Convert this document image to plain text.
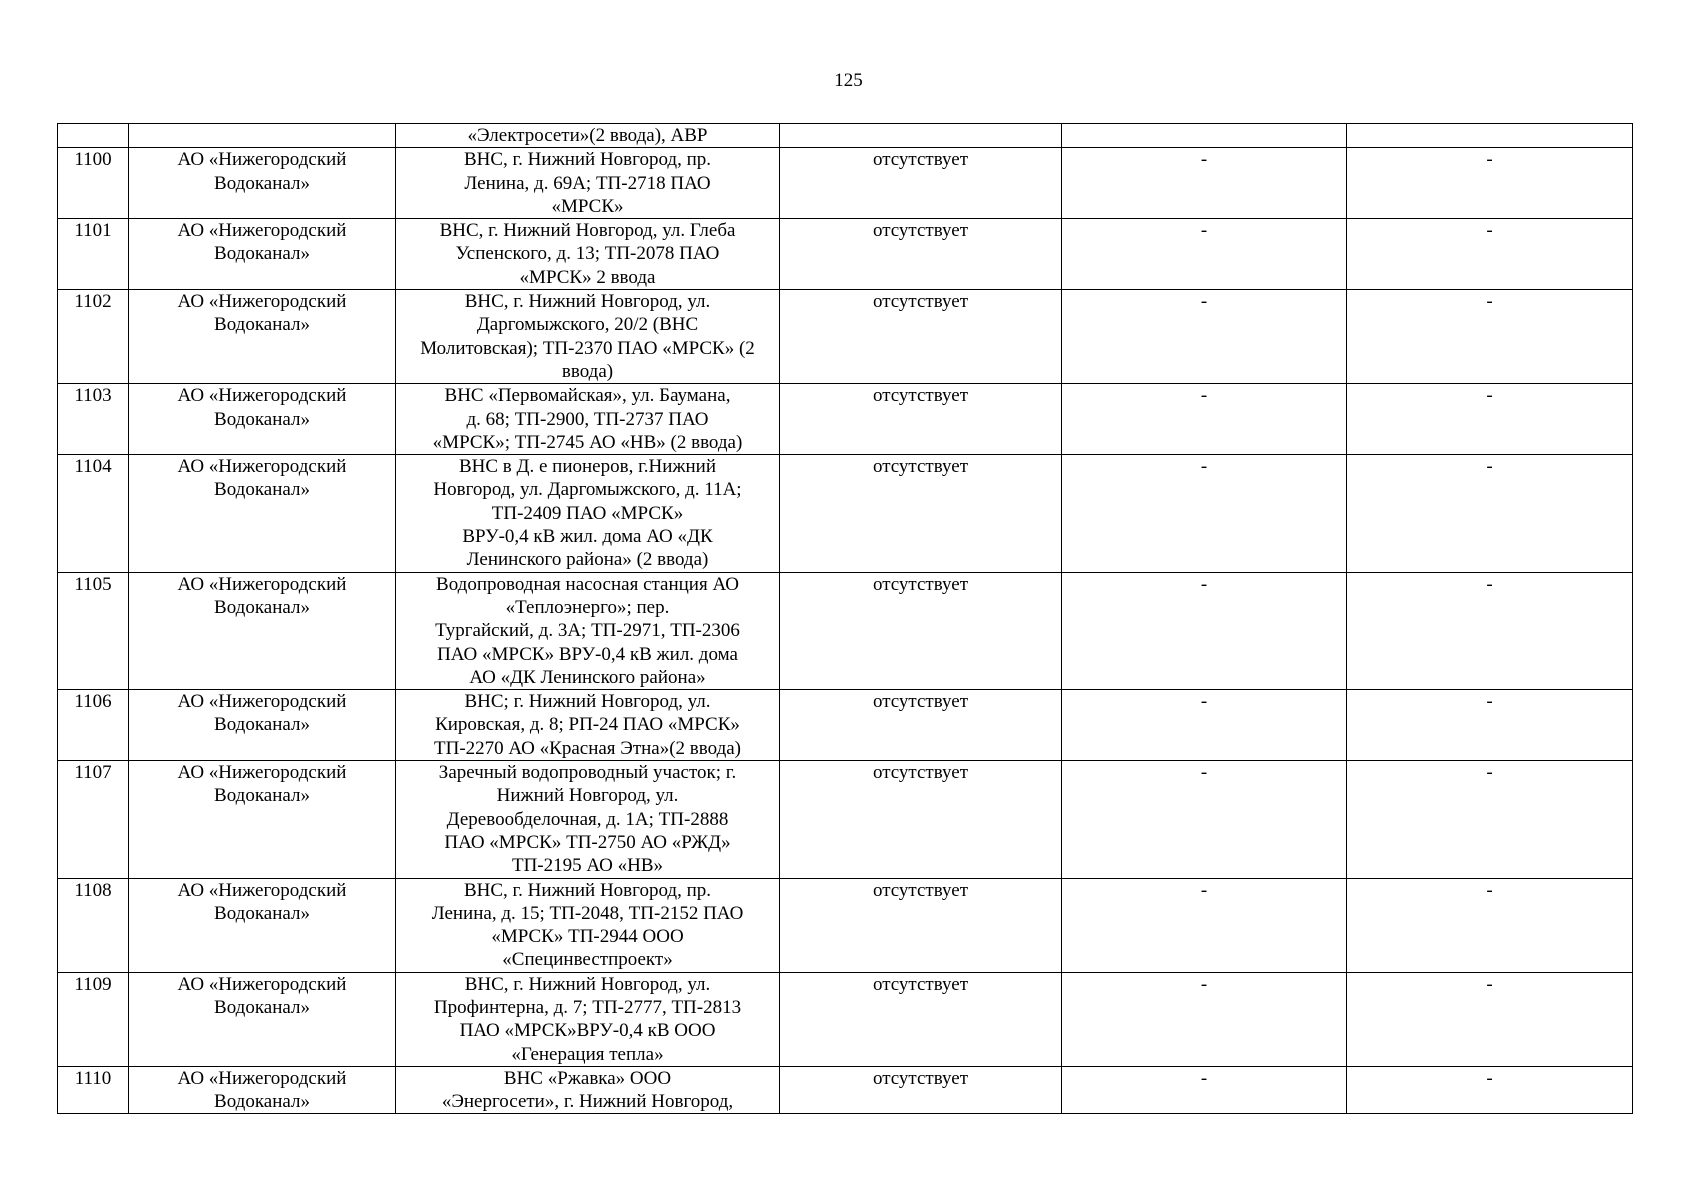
125
		«Электросети»(2 ввода), АВР			
1100	АО «Нижегородский
Водоканал»	ВНС, г. Нижний Новгород, пр.
Ленина, д. 69А; ТП-2718 ПАО
«МРСК»	отсутствует	-	-
1101	АО «Нижегородский
Водоканал»	ВНС, г. Нижний Новгород, ул. Глеба
Успенского, д. 13; ТП-2078 ПАО
«МРСК» 2 ввода	отсутствует	-	-
1102	АО «Нижегородский
Водоканал»	ВНС, г. Нижний Новгород, ул.
Даргомыжского, 20/2 (ВНС
Молитовская); ТП-2370 ПАО «МРСК» (2
ввода)	отсутствует	-	-
1103	АО «Нижегородский
Водоканал»	ВНС «Первомайская», ул. Баумана,
д. 68; ТП-2900, ТП-2737 ПАО
«МРСК»; ТП-2745 АО «НВ» (2 ввода)	отсутствует	-	-
1104	АО «Нижегородский
Водоканал»	ВНС в Д. е пионеров, г.Нижний
Новгород, ул. Даргомыжского, д. 11А;
ТП-2409 ПАО «МРСК»
ВРУ-0,4 кВ жил. дома АО «ДК
Ленинского района» (2 ввода)	отсутствует	-	-
1105	АО «Нижегородский
Водоканал»	Водопроводная насосная станция АО
«Теплоэнерго»; пер.
Тургайский, д. 3А; ТП-2971, ТП-2306
ПАО «МРСК» ВРУ-0,4 кВ жил. дома
АО «ДК Ленинского района»	отсутствует	-	-
1106	АО «Нижегородский
Водоканал»	ВНС; г. Нижний Новгород, ул.
Кировская, д. 8; РП-24 ПАО «МРСК»
ТП-2270 АО «Красная Этна»(2 ввода)	отсутствует	-	-
1107	АО «Нижегородский
Водоканал»	Заречный водопроводный участок; г.
Нижний Новгород, ул.
Деревообделочная, д. 1А; ТП-2888
ПАО «МРСК» ТП-2750 АО «РЖД»
ТП-2195 АО «НВ»	отсутствует	-	-
1108	АО «Нижегородский
Водоканал»	ВНС, г. Нижний Новгород, пр.
Ленина, д. 15; ТП-2048, ТП-2152 ПАО
«МРСК» ТП-2944 ООО
«Специнвестпроект»	отсутствует	-	-
1109	АО «Нижегородский
Водоканал»	ВНС, г. Нижний Новгород, ул.
Профинтерна, д. 7; ТП-2777, ТП-2813
ПАО «МРСК»ВРУ-0,4 кВ ООО
«Генерация тепла»	отсутствует	-	-
1110	АО «Нижегородский
Водоканал»	ВНС «Ржавка» ООО
«Энергосети», г. Нижний Новгород,	отсутствует	-	-
